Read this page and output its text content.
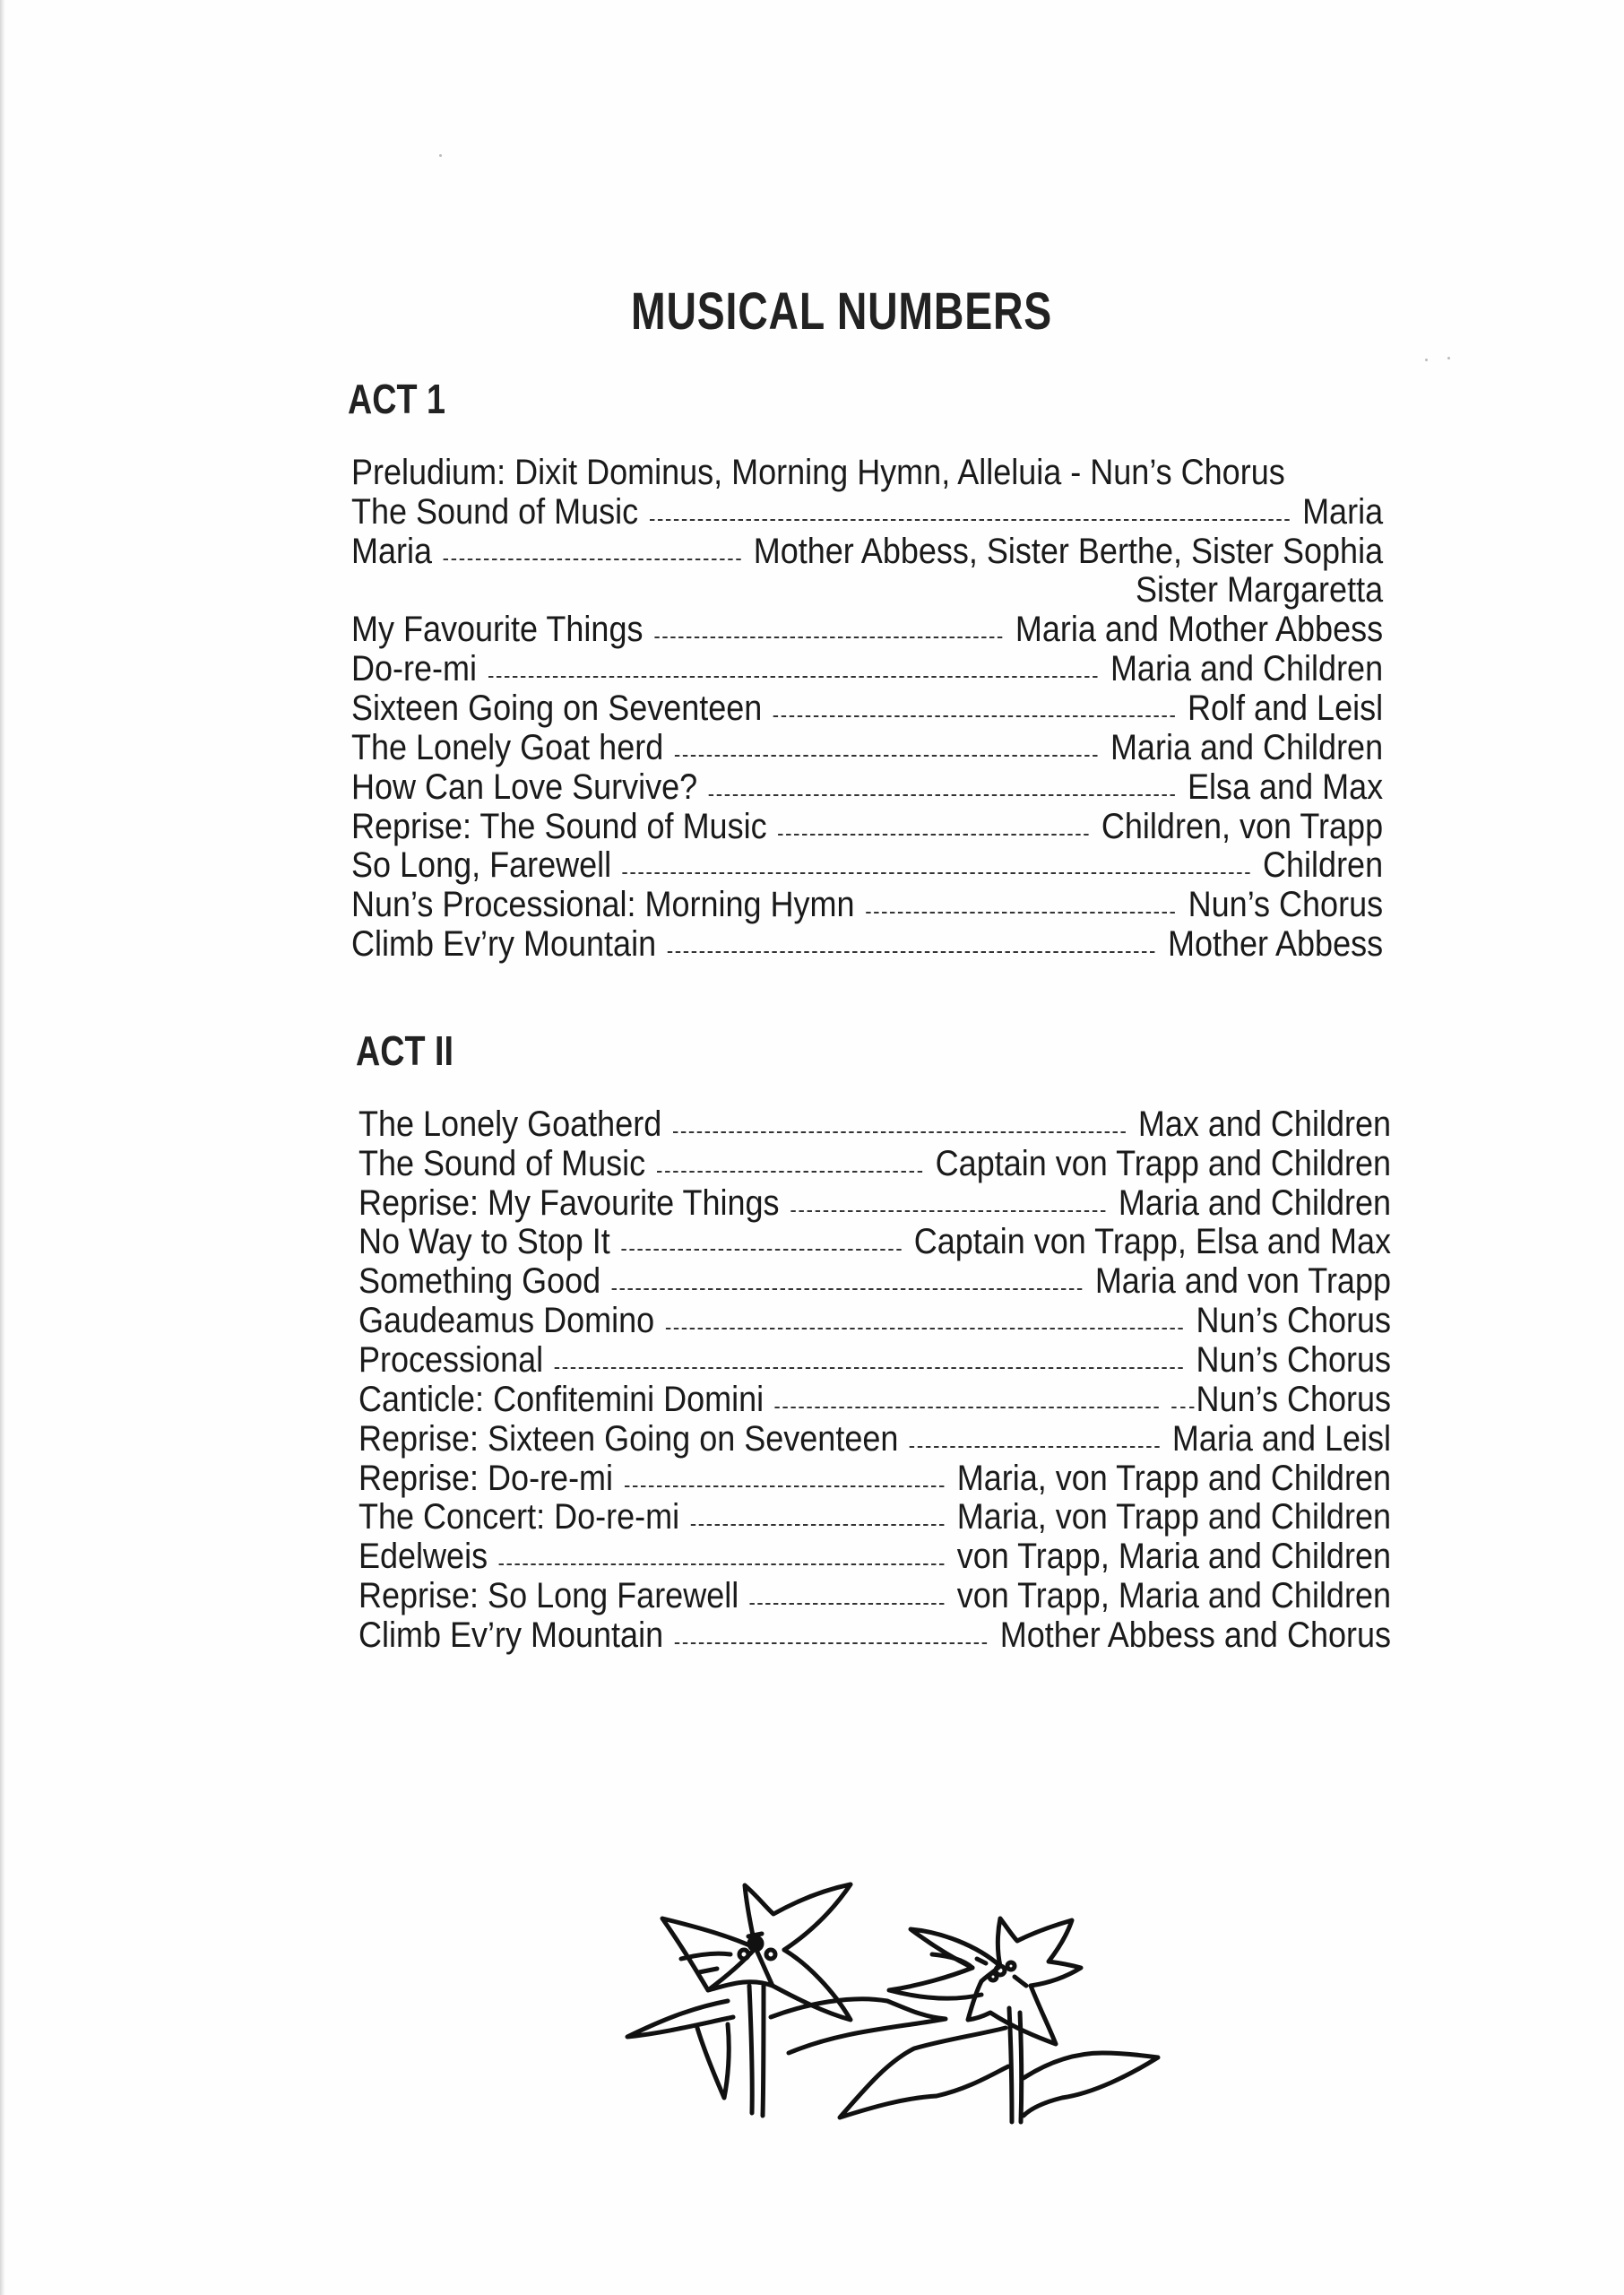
MUSICAL NUMBERS
ACT 1
Preludium: Dixit Dominus, Morning Hymn, Alleluia - Nun’s Chorus
The Sound of Music	Maria
Maria	Mother Abbess, Sister Berthe, Sister Sophia
Sister Margaretta
My Favourite Things	Maria and Mother Abbess
Do-re-mi	Maria and Children
Sixteen Going on Seventeen	Rolf and Leisl
The Lonely Goat herd	Maria and Children
How Can Love Survive?	Elsa and Max
Reprise: The Sound of Music	Children, von Trapp
So Long, Farewell	Children
Nun’s Processional: Morning Hymn	Nun’s Chorus
Climb Ev’ry Mountain	Mother Abbess
ACT II
The Lonely Goatherd	Max and Children
The Sound of Music	Captain von Trapp and Children
Reprise: My Favourite Things	Maria and Children
No Way to Stop It	Captain von Trapp, Elsa and Max
Something Good	Maria and von Trapp
Gaudeamus Domino	Nun’s Chorus
Processional	Nun’s Chorus
Canticle: Confitemini Domini	Nun’s Chorus
Reprise: Sixteen Going on Seventeen	Maria and Leisl
Reprise: Do-re-mi	Maria, von Trapp and Children
The Concert: Do-re-mi	Maria, von Trapp and Children
Edelweis	von Trapp, Maria and Children
Reprise: So Long Farewell	von Trapp, Maria and Children
Climb Ev’ry Mountain	Mother Abbess and Chorus
